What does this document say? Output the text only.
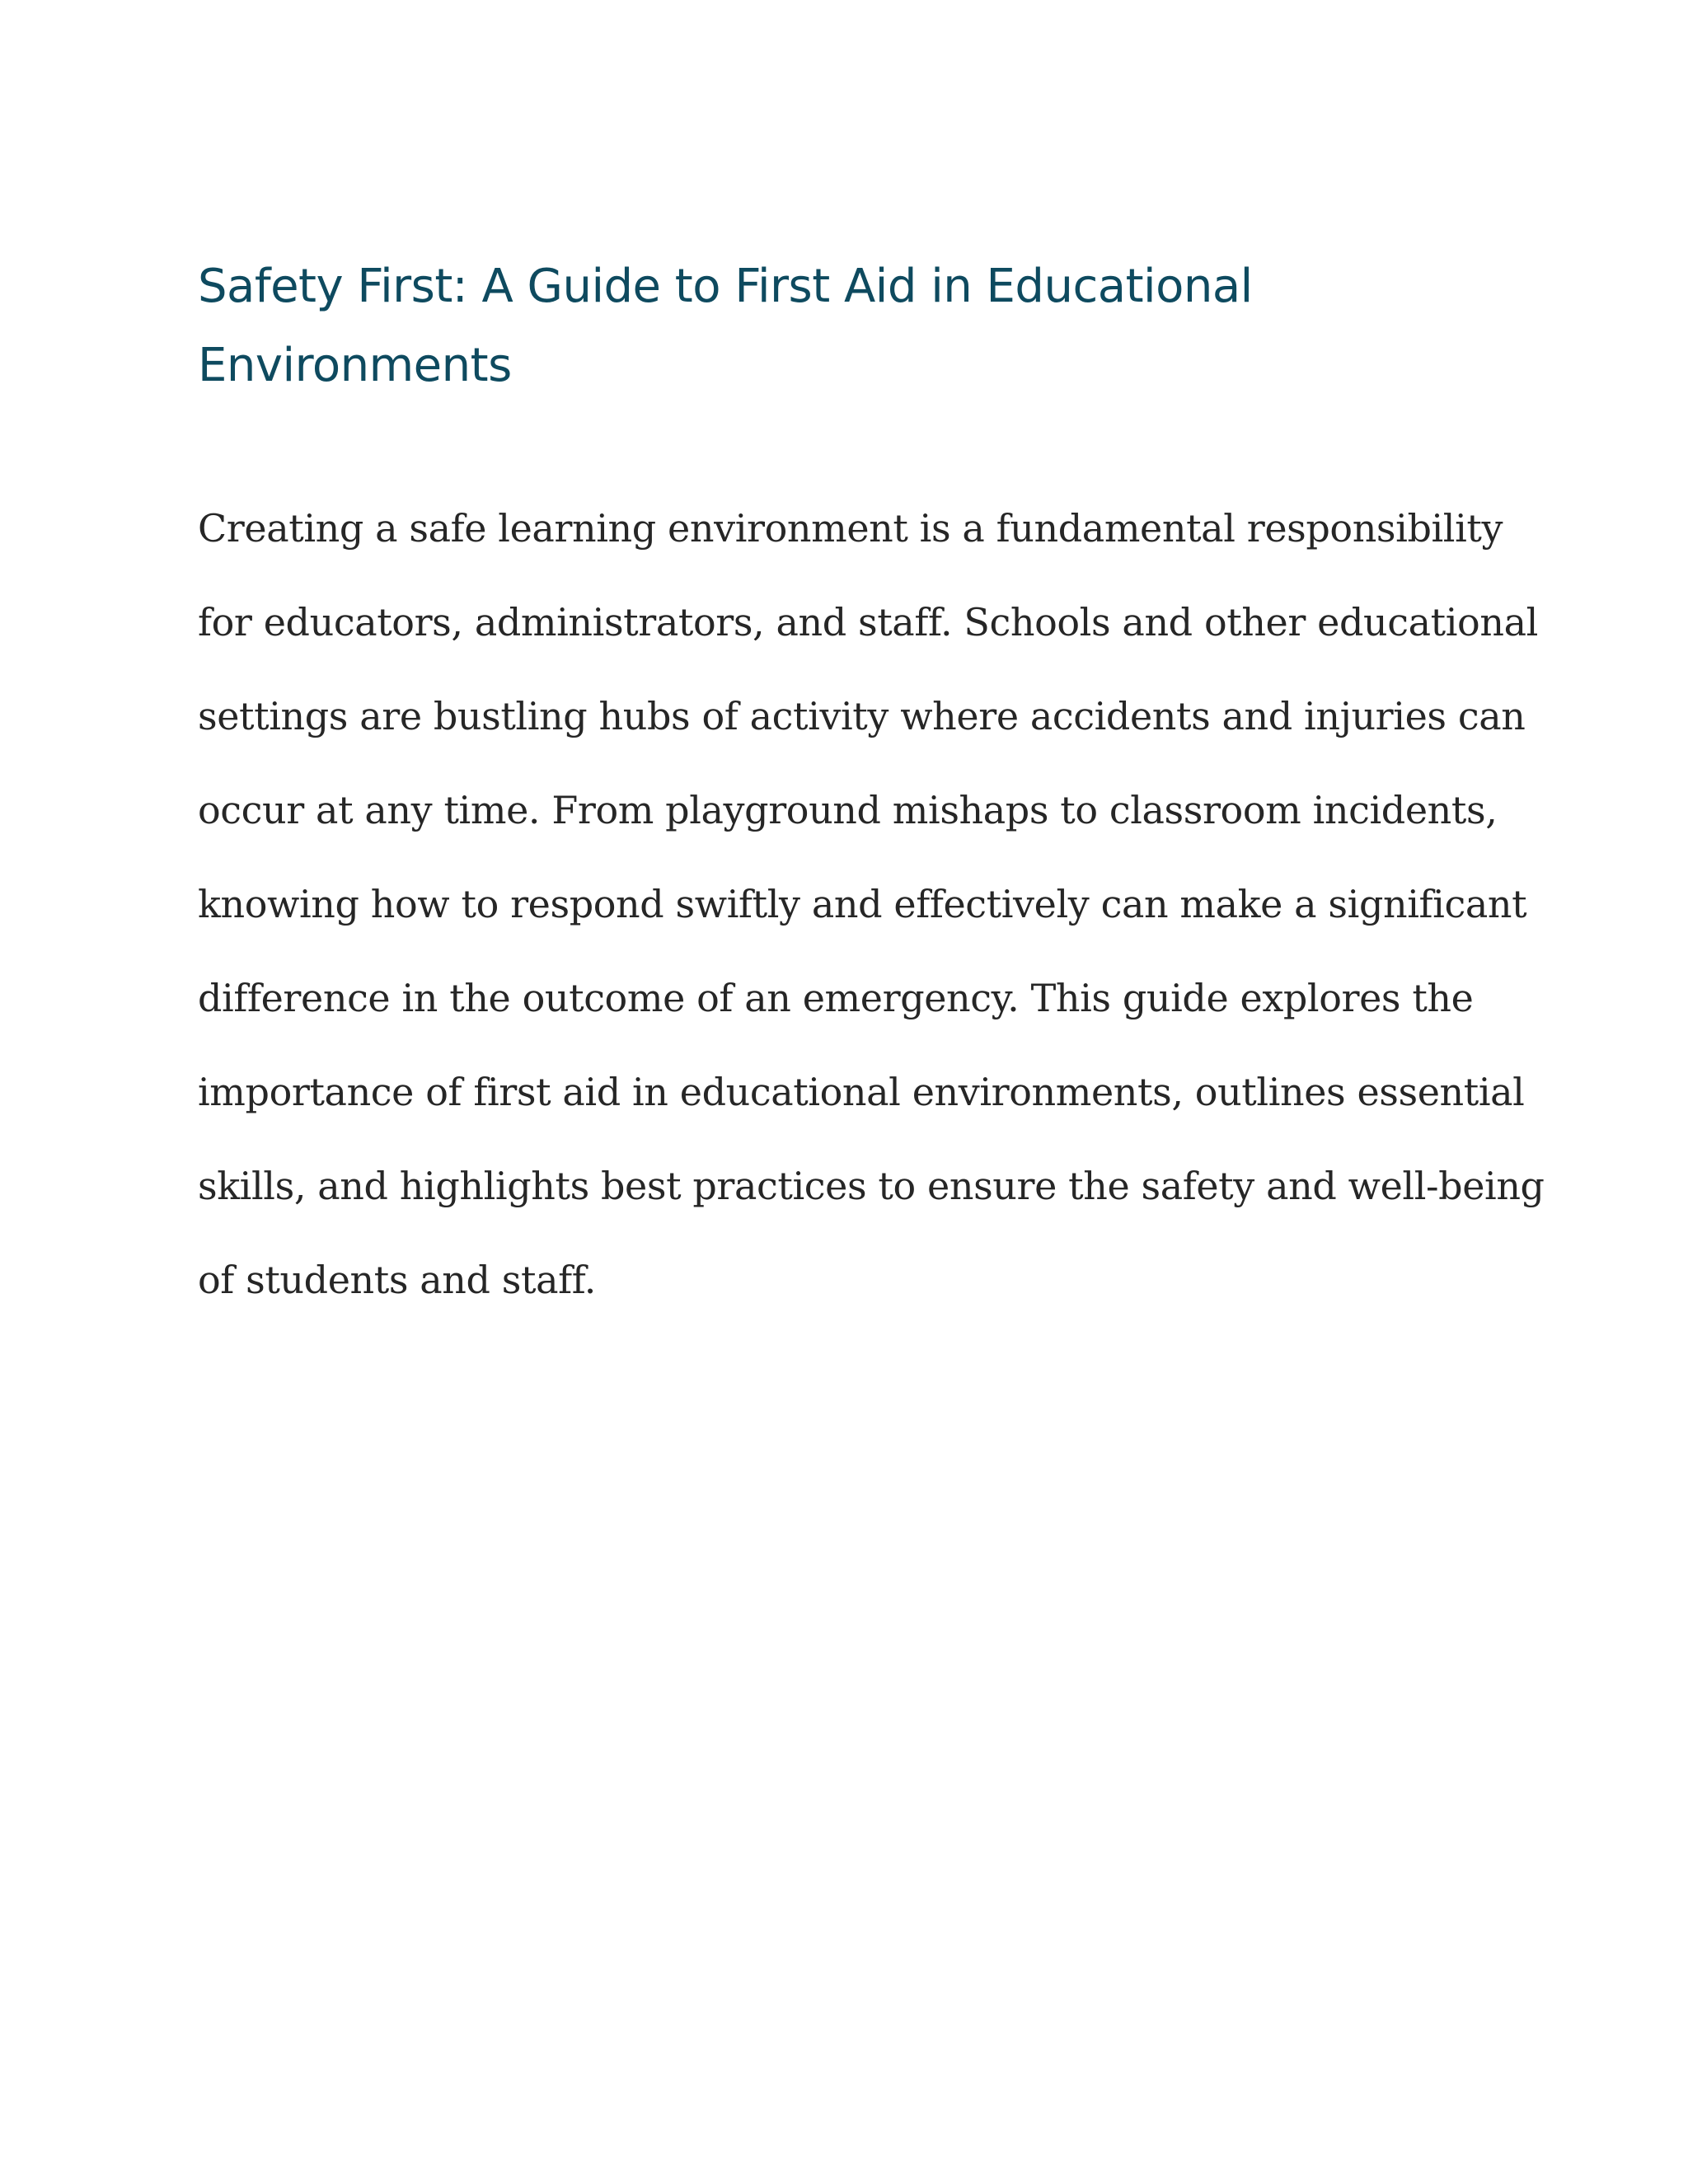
Safety First: A Guide to First Aid in Educational
Environments

Creating a safe learning environment is a fundamental responsibility
for educators, administrators, and staff. Schools and other educational
settings are bustling hubs of activity where accidents and injuries can
occur at any time. From playground mishaps to classroom incidents,
knowing how to respond swiftly and effectively can make a significant
difference in the outcome of an emergency. This guide explores the
importance of first aid in educational environments, outlines essential
skills, and highlights best practices to ensure the safety and well-being
of students and staff.
